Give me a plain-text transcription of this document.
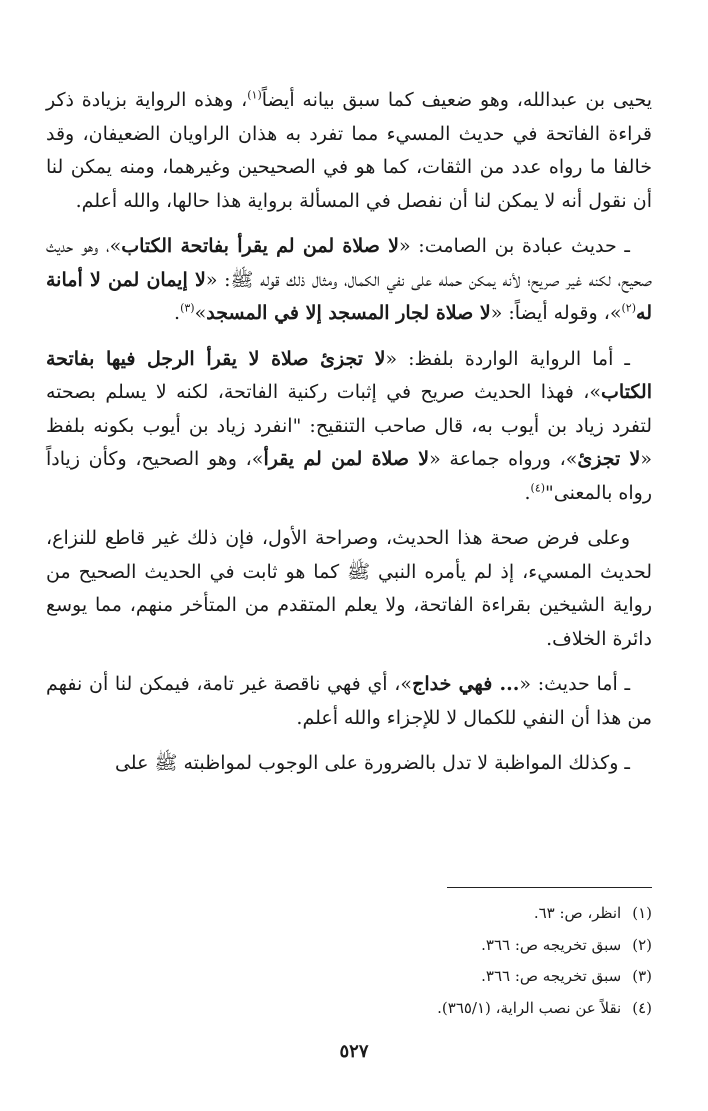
يحيى بن عبدالله، وهو ضعيف كما سبق بيانه أيضاً$^{(١)}$، وهذه الرواية بزيادة ذكر قراءة الفاتحة في حديث المسيء مما تفرد به هذان الراويان الضعيفان، وقد خالفا ما رواه عدد من الثقات، كما هو في الصحيحين وغيرهما، ومنه يمكن لنا أن نقول أنه لا يمكن لنا أن نفصل في المسألة برواية هذا حالها، والله أعلم.

ـ حديث عبادة بن الصامت: «لا صلاة لمن لم يقرأ بفاتحة الكتاب»، وهو حديث صحيح، لكنه غير صريح؛ لأنه يمكن حمله على نفي الكمال، ومثال ذلك قوله ﷺ: «لا إيمان لمن لا أمانة له$^{(٢)}$»، وقوله أيضاً: «لا صلاة لجار المسجد إلا في المسجد»$^{(٣)}$.

ـ أما الرواية الواردة بلفظ: «لا تجزئ صلاة لا يقرأ الرجل فيها بفاتحة الكتاب»، فهذا الحديث صريح في إثبات ركنية الفاتحة، لكنه لا يسلم بصحته لتفرد زياد بن أيوب به، قال صاحب التنقيح: "انفرد زياد بن أيوب بكونه بلفظ «لا تجزئ»، ورواه جماعة «لا صلاة لمن لم يقرأ»، وهو الصحيح، وكأن زياداً رواه بالمعنى"$^{(٤)}$.

وعلى فرض صحة هذا الحديث، وصراحة الأول، فإن ذلك غير قاطع للنزاع، لحديث المسيء، إذ لم يأمره النبي ﷺ كما هو ثابت في الحديث الصحيح من رواية الشيخين بقراءة الفاتحة، ولا يعلم المتقدم من المتأخر منهم، مما يوسع دائرة الخلاف.

ـ أما حديث: «... فهي خداج»، أي فهي ناقصة غير تامة، فيمكن لنا أن نفهم من هذا أن النفي للكمال لا للإجزاء والله أعلم.

ـ وكذلك المواظبة لا تدل بالضرورة على الوجوب لمواظبته ﷺ على

(١) انظر، ص: ٦٣.

(٢) سبق تخريجه ص: ٣٦٦.

(٣) سبق تخريجه ص: ٣٦٦.

(٤) نقلاً عن نصب الراية، (٣٦٥/١).

٥٢٧
